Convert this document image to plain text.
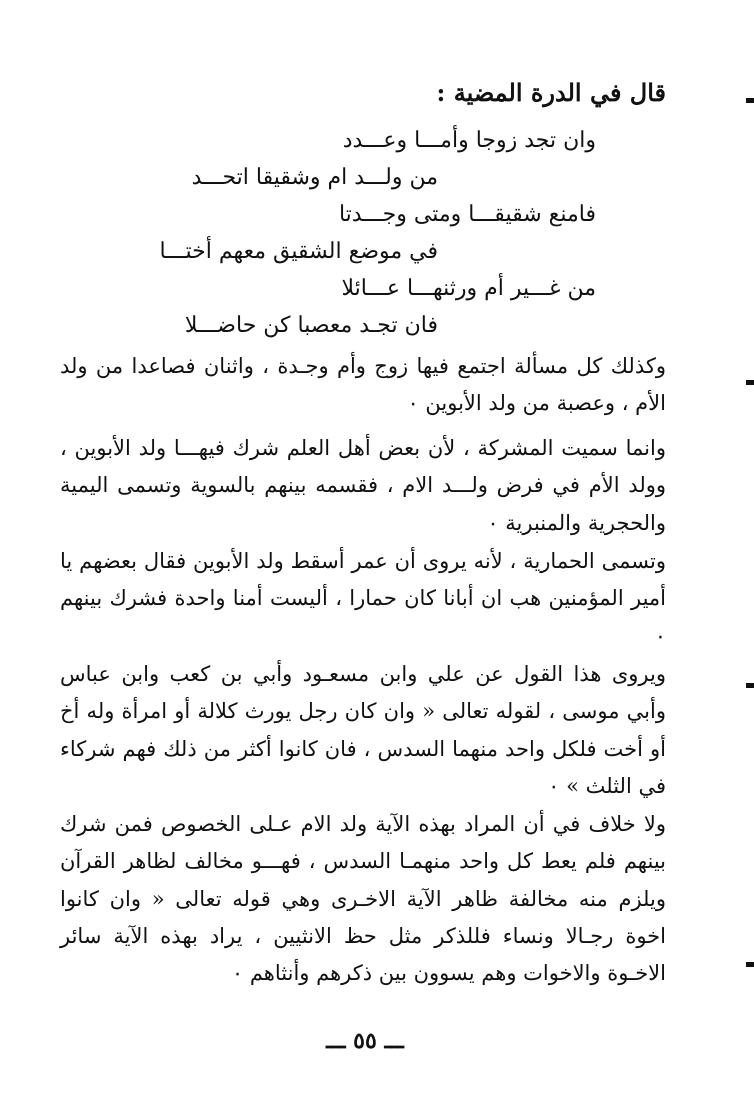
قال في الدرة المضية :
وان تجد زوجا وأمـــا وعـــدد
من ولـــد ام وشقيقا اتحـــد
فامنع شقيقـــا ومتى وجـــدتا
في موضع الشقيق معهم أختـــا
من غـــير أم ورثنهـــا عـــائلا
فان تجـد معصبا كن حاضـــلا
وكذلك كل مسألة اجتمع فيها زوج وأم وجـدة ، واثنان فصاعدا من ولد الأم ، وعصبة من ولد الأبوين ٠
وانما سميت المشركة ، لأن بعض أهل العلم شرك فيهـــا ولد الأبوين ، وولد الأم في فرض ولـــد الام ، فقسمه بينهم بالسوية وتسمى اليمية والحجرية والمنبرية ٠
وتسمى الحمارية ، لأنه يروى أن عمر أسقط ولد الأبوين فقال بعضهم يا أمير المؤمنين هب ان أبانا كان حمارا ، أليست أمنا واحدة فشرك بينهم ٠
ويروى هذا القول عن علي وابن مسعـود وأبي بن كعب وابن عباس وأبي موسى ، لقوله تعالى « وان كان رجل يورث كلالة أو امرأة وله أخ أو أخت فلكل واحد منهما السدس ، فان كانوا أكثر من ذلك فهم شركاء في الثلث » ٠
ولا خلاف في أن المراد بهذه الآية ولد الام عـلى الخصوص فمن شرك بينهم فلم يعط كل واحد منهمـا السدس ، فهـــو مخالف لظاهر القرآن ويلزم منه مخالفة ظاهر الآية الاخـرى وهي قوله تعالى « وان كانوا اخوة رجـالا ونساء فللذكر مثل حظ الانثيين ، يراد بهذه الآية سائر الاخـوة والاخوات وهم يسوون بين ذكرهم وأنثاهم ٠
ـــ ٥٥ ـــ
